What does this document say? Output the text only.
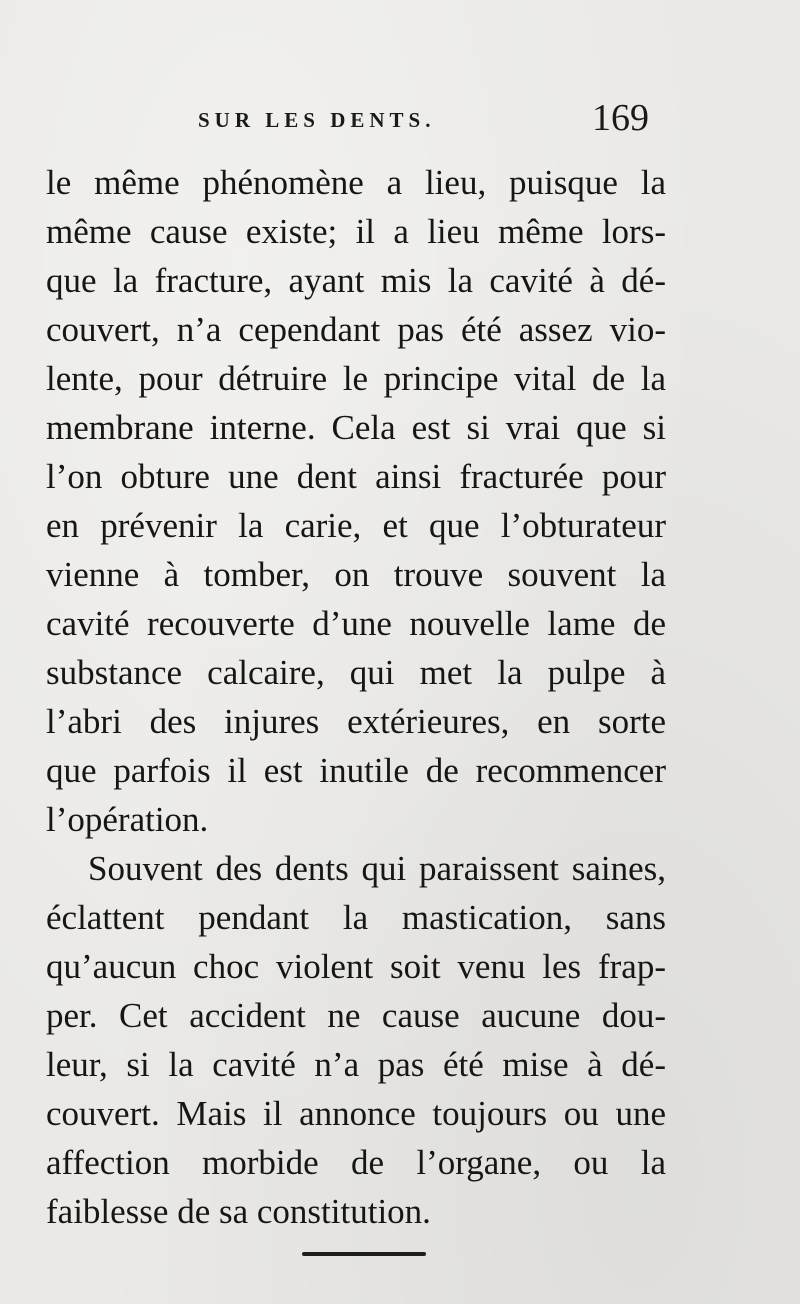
SUR LES DENTS.	169
le même phénomène a lieu, puisque la
même cause existe; il a lieu même lors-
que la fracture, ayant mis la cavité à dé-
couvert, n’a cependant pas été assez vio-
lente, pour détruire le principe vital de la
membrane interne. Cela est si vrai que si
l’on obture une dent ainsi fracturée pour
en prévenir la carie, et que l’obturateur
vienne à tomber, on trouve souvent la
cavité recouverte d’une nouvelle lame de
substance calcaire, qui met la pulpe à
l’abri des injures extérieures, en sorte
que parfois il est inutile de recommencer
l’opération.
Souvent des dents qui paraissent saines,
éclattent pendant la mastication, sans
qu’aucun choc violent soit venu les frap-
per. Cet accident ne cause aucune dou-
leur, si la cavité n’a pas été mise à dé-
couvert. Mais il annonce toujours ou une
affection morbide de l’organe, ou la
faiblesse de sa constitution.
